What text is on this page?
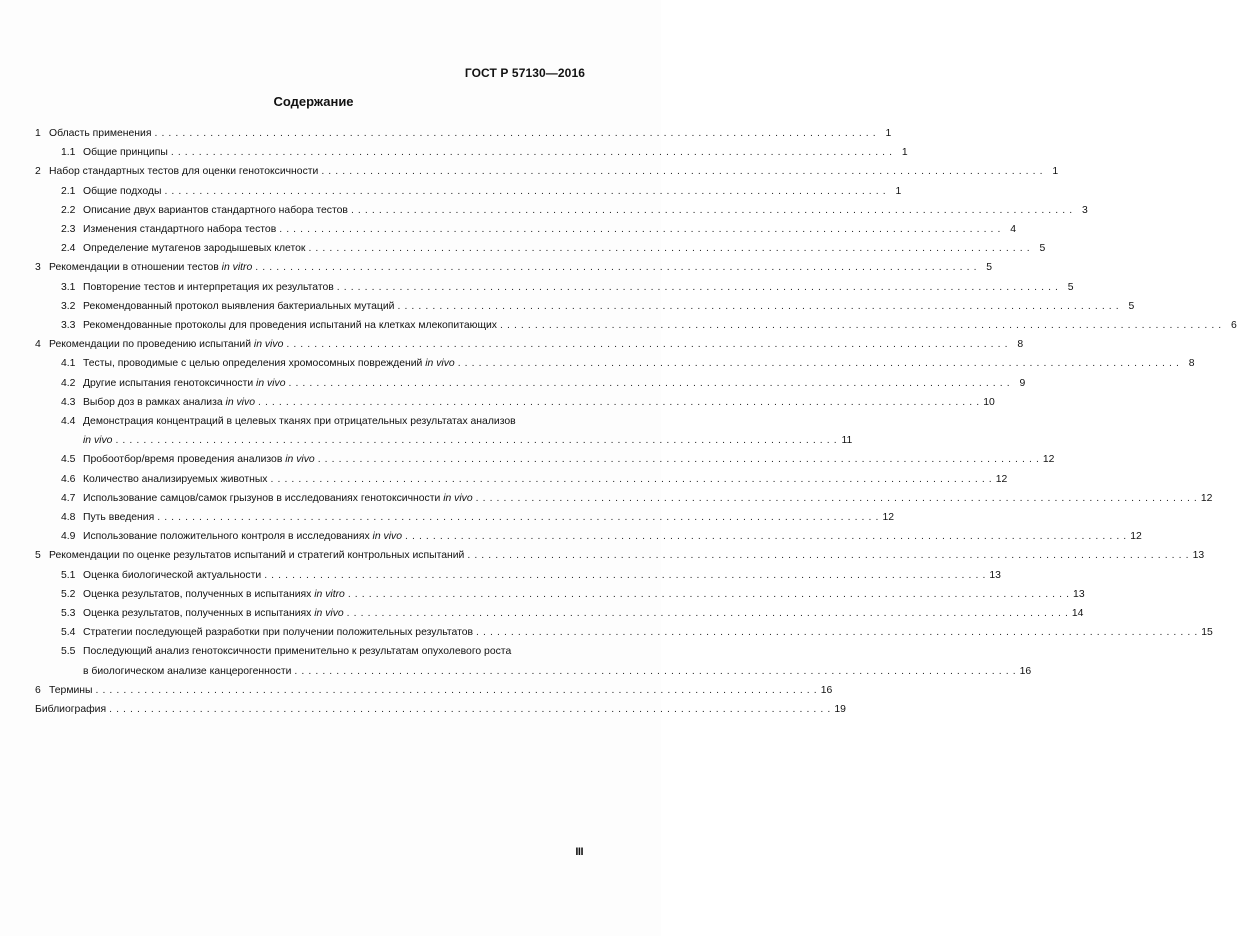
ГОСТ Р 57130—2016
Содержание
1 Область применения . . .	1
1.1 Общие принципы . . .	1
2 Набор стандартных тестов для оценки генотоксичности . . .	1
2.1 Общие подходы . . .	1
2.2 Описание двух вариантов стандартного набора тестов . . .	3
2.3 Изменения стандартного набора тестов . . .	4
2.4 Определение мутагенов зародышевых клеток . . .	5
3 Рекомендации в отношении тестов in vitro . . .	5
3.1 Повторение тестов и интерпретация их результатов . . .	5
3.2 Рекомендованный протокол выявления бактериальных мутаций . . .	5
3.3 Рекомендованные протоколы для проведения испытаний на клетках млекопитающих . . .	6
4 Рекомендации по проведению испытаний in vivo . . .	8
4.1 Тесты, проводимые с целью определения хромосомных повреждений in vivo . . .	8
4.2 Другие испытания генотоксичности in vivo . . .	9
4.3 Выбор доз в рамках анализа in vivo . . .	10
4.4 Демонстрация концентраций в целевых тканях при отрицательных результатах анализов
in vivo . . .	11
4.5 Пробоотбор/время проведения анализов in vivo . . .	12
4.6 Количество анализируемых животных . . .	12
4.7 Использование самцов/самок грызунов в исследованиях генотоксичности in vivo . . .	12
4.8 Путь введения . . .	12
4.9 Использование положительного контроля в исследованиях in vivo . . .	12
5 Рекомендации по оценке результатов испытаний и стратегий контрольных испытаний . . .	13
5.1 Оценка биологической актуальности . . .	13
5.2 Оценка результатов, полученных в испытаниях in vitro . . .	13
5.3 Оценка результатов, полученных в испытаниях in vivo . . .	14
5.4 Стратегии последующей разработки при получении положительных результатов . . .	15
5.5 Последующий анализ генотоксичности применительно к результатам опухолевого роста
в биологическом анализе канцерогенности . . .	16
6 Термины . . .	16
Библиография . . .	19
III
